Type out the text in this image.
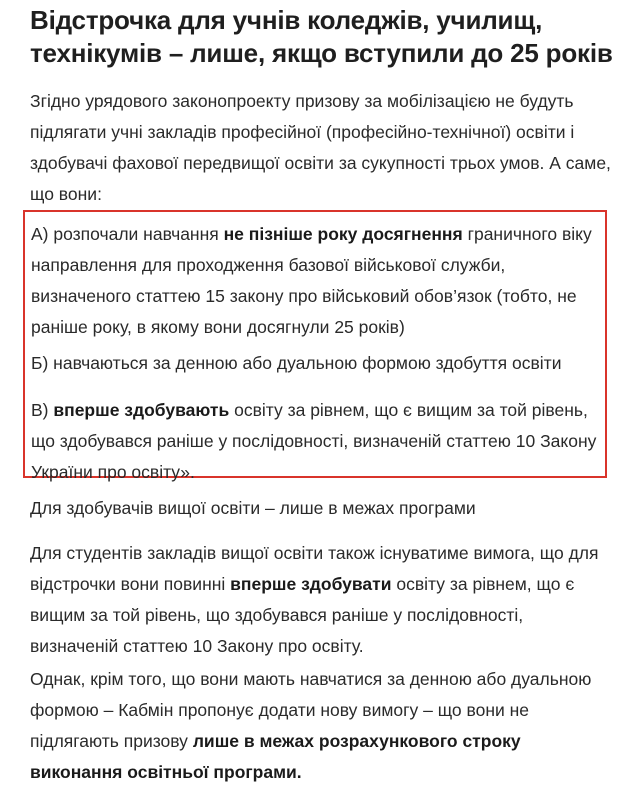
Відстрочка для учнів коледжів, училищ, технікумів – лише, якщо вступили до 25 років

Згідно урядового законопроекту призову за мобілізацією не будуть підлягати учні закладів професійної (професійно-технічної) освіти і здобувачі фахової передвищої освіти за сукупності трьох умов. А саме, що вони:

А) розпочали навчання не пізніше року досягнення граничного віку направлення для проходження базової військової служби, визначеного статтею 15 закону про військовий обов’язок (тобто, не раніше року, в якому вони досягнули 25 років)

Б) навчаються за денною або дуальною формою здобуття освіти

В) вперше здобувають освіту за рівнем, що є вищим за той рівень, що здобувався раніше у послідовності, визначеній статтею 10 Закону України про освіту».

Для здобувачів вищої освіти – лише в межах програми

Для студентів закладів вищої освіти також існуватиме вимога, що для відстрочки вони повинні вперше здобувати освіту за рівнем, що є вищим за той рівень, що здобувався раніше у послідовності, визначеній статтею 10 Закону про освіту.

Однак, крім того, що вони мають навчатися за денною або дуальною формою – Кабмін пропонує додати нову вимогу – що вони не підлягають призову лише в межах розрахункового строку виконання освітньої програми.
